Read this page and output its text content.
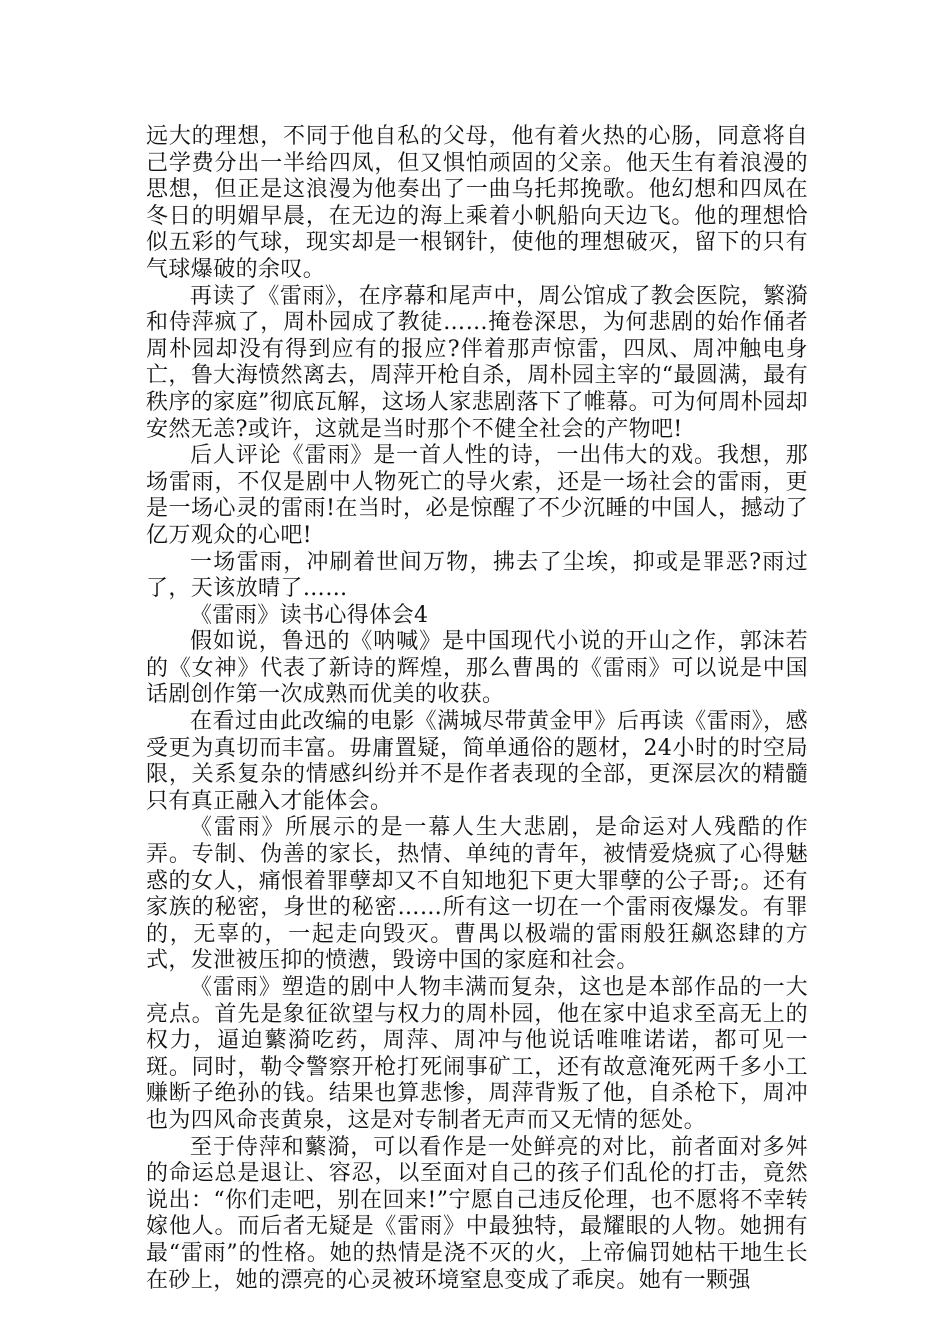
远大的理想，不同于他自私的父母，他有着火热的心肠，同意将自己学费分出一半给四凤，但又惧怕顽固的父亲。他天生有着浪漫的思想，但正是这浪漫为他奏出了一曲乌托邦挽歌。他幻想和四凤在冬日的明媚早晨，在无边的海上乘着小帆船向天边飞。他的理想恰似五彩的气球，现实却是一根钢针，使他的理想破灭，留下的只有气球爆破的余叹。

再读了《雷雨》，在序幕和尾声中，周公馆成了教会医院，繁漪和侍萍疯了，周朴园成了教徒……掩卷深思，为何悲剧的始作俑者周朴园却没有得到应有的报应?伴着那声惊雷，四凤、周冲触电身亡，鲁大海愤然离去，周萍开枪自杀，周朴园主宰的“最圆满，最有秩序的家庭”彻底瓦解，这场人家悲剧落下了帷幕。可为何周朴园却安然无恙?或许，这就是当时那个不健全社会的产物吧!

后人评论《雷雨》是一首人性的诗，一出伟大的戏。我想，那场雷雨，不仅是剧中人物死亡的导火索，还是一场社会的雷雨，更是一场心灵的雷雨!在当时，必是惊醒了不少沉睡的中国人，撼动了亿万观众的心吧!

一场雷雨，冲刷着世间万物，拂去了尘埃，抑或是罪恶?雨过了，天该放晴了……

《雷雨》读书心得体会4

假如说，鲁迅的《呐喊》是中国现代小说的开山之作，郭沫若的《女神》代表了新诗的辉煌，那么曹禺的《雷雨》可以说是中国话剧创作第一次成熟而优美的收获。

在看过由此改编的电影《满城尽带黄金甲》后再读《雷雨》，感受更为真切而丰富。毋庸置疑，简单通俗的题材，24小时的时空局限，关系复杂的情感纠纷并不是作者表现的全部，更深层次的精髓只有真正融入才能体会。

《雷雨》所展示的是一幕人生大悲剧，是命运对人残酷的作弄。专制、伪善的家长，热情、单纯的青年，被情爱烧疯了心得魅惑的女人，痛恨着罪孽却又不自知地犯下更大罪孽的公子哥;。还有家族的秘密，身世的秘密……所有这一切在一个雷雨夜爆发。有罪的，无辜的，一起走向毁灭。曹禺以极端的雷雨般狂飙恣肆的方式，发泄被压抑的愤懑，毁谤中国的家庭和社会。

《雷雨》塑造的剧中人物丰满而复杂，这也是本部作品的一大亮点。首先是象征欲望与权力的周朴园，他在家中追求至高无上的权力，逼迫蘩漪吃药，周萍、周冲与他说话唯唯诺诺，都可见一斑。同时，勒令警察开枪打死闹事矿工，还有故意淹死两千多小工赚断子绝孙的钱。结果也算悲惨，周萍背叛了他，自杀枪下，周冲也为四风命丧黄泉，这是对专制者无声而又无情的惩处。

至于侍萍和蘩漪，可以看作是一处鲜亮的对比，前者面对多舛的命运总是退让、容忍，以至面对自己的孩子们乱伦的打击，竟然说出：“你们走吧，别在回来!”宁愿自己违反伦理，也不愿将不幸转嫁他人。而后者无疑是《雷雨》中最独特，最耀眼的人物。她拥有最“雷雨”的性格。她的热情是浇不灭的火，上帝偏罚她枯干地生长在砂上，她的漂亮的心灵被环境窒息变成了乖戾。她有一颗强
